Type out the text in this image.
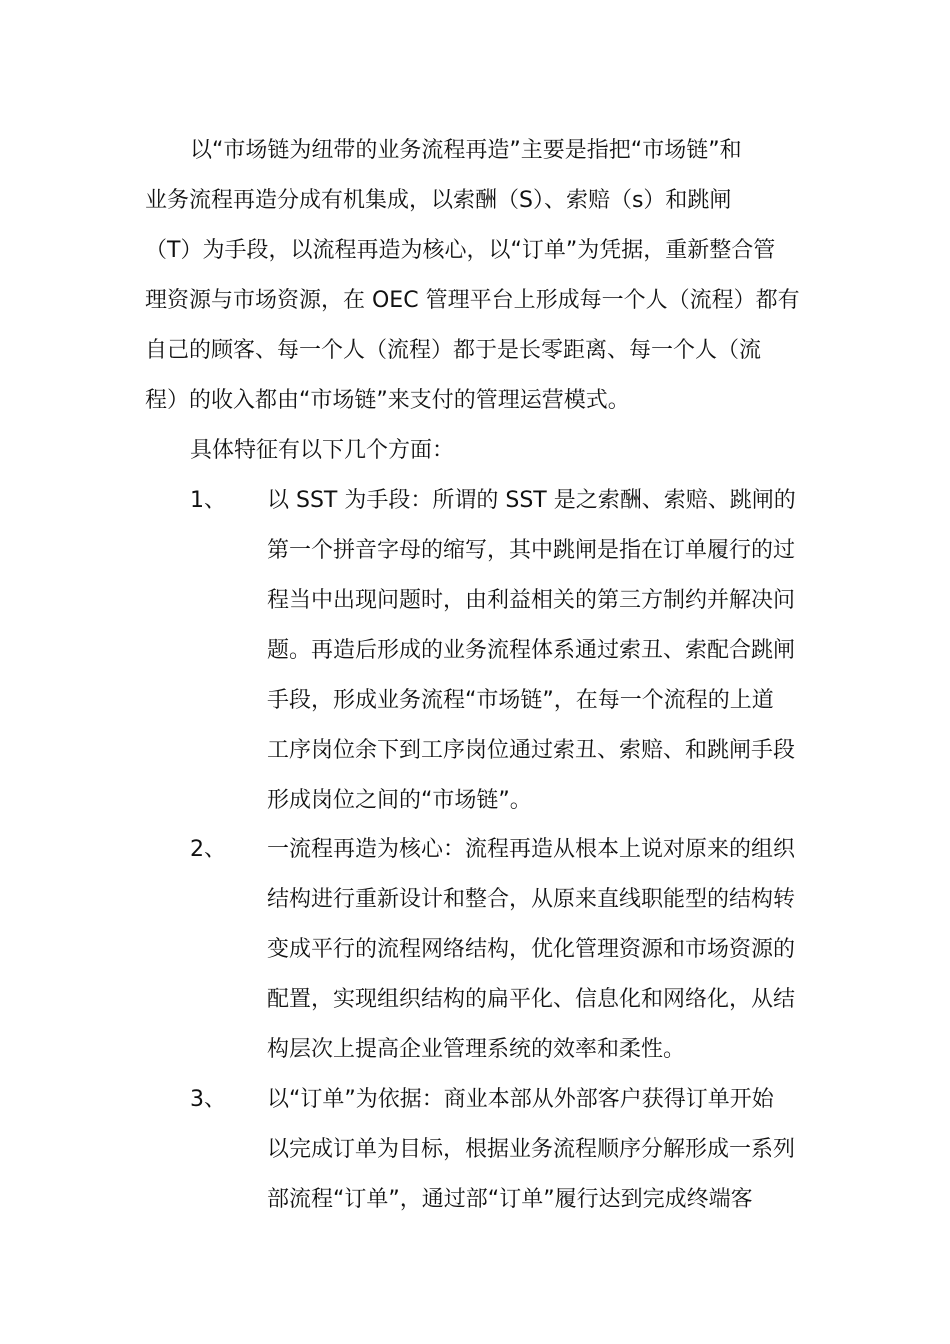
以“市场链为纽带的业务流程再造”主要是指把“市场链”和
业务流程再造分成有机集成，以索酬（S）、索赔（s）和跳闸
（T）为手段，以流程再造为核心，以“订单”为凭据，重新整合管
理资源与市场资源，在 OEC 管理平台上形成每一个人（流程）都有
自己的顾客、每一个人（流程）都于是长零距离、每一个人（流
程）的收入都由“市场链”来支付的管理运营模式。
具体特征有以下几个方面：
1、 以 SST 为手段：所谓的 SST 是之索酬、索赔、跳闸的
第一个拼音字母的缩写，其中跳闸是指在订单履行的过
程当中出现问题时，由利益相关的第三方制约并解决问
题。再造后形成的业务流程体系通过索丑、索配合跳闸
手段，形成业务流程“市场链”，在每一个流程的上道
工序岗位余下到工序岗位通过索丑、索赔、和跳闸手段
形成岗位之间的“市场链”。
2、 一流程再造为核心：流程再造从根本上说对原来的组织
结构进行重新设计和整合，从原来直线职能型的结构转
变成平行的流程网络结构，优化管理资源和市场资源的
配置，实现组织结构的扁平化、信息化和网络化，从结
构层次上提高企业管理系统的效率和柔性。
3、 以“订单”为依据：商业本部从外部客户获得订单开始
以完成订单为目标，根据业务流程顺序分解形成一系列
部流程“订单”，通过部“订单”履行达到完成终端客
